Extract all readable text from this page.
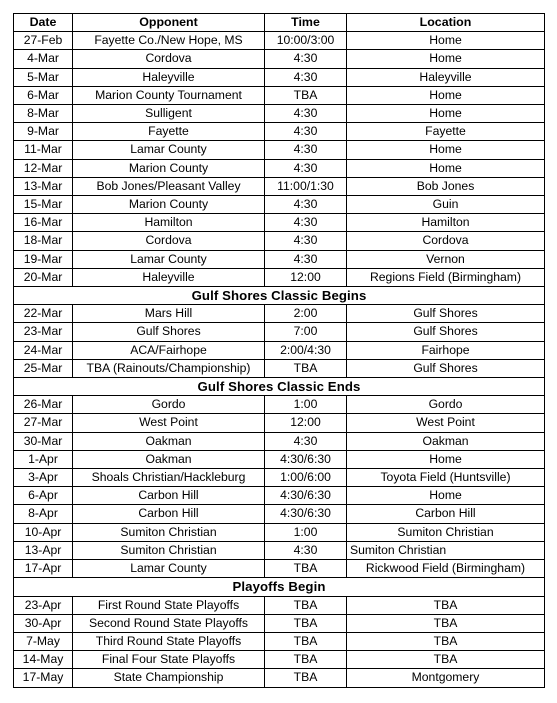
Date	Opponent	Time	Location
27-Feb	Fayette Co./New Hope, MS	10:00/3:00	Home
4-Mar	Cordova	4:30	Home
5-Mar	Haleyville	4:30	Haleyville
6-Mar	Marion County Tournament	TBA	Home
8-Mar	Sulligent	4:30	Home
9-Mar	Fayette	4:30	Fayette
11-Mar	Lamar County	4:30	Home
12-Mar	Marion County	4:30	Home
13-Mar	Bob Jones/Pleasant Valley	11:00/1:30	Bob Jones
15-Mar	Marion County	4:30	Guin
16-Mar	Hamilton	4:30	Hamilton
18-Mar	Cordova	4:30	Cordova
19-Mar	Lamar County	4:30	Vernon
20-Mar	Haleyville	12:00	Regions Field (Birmingham)
Gulf Shores Classic Begins			
22-Mar	Mars Hill	2:00	Gulf Shores
23-Mar	Gulf Shores	7:00	Gulf Shores
24-Mar	ACA/Fairhope	2:00/4:30	Fairhope
25-Mar	TBA (Rainouts/Championship)	TBA	Gulf Shores
Gulf Shores Classic Ends			
26-Mar	Gordo	1:00	Gordo
27-Mar	West Point	12:00	West Point
30-Mar	Oakman	4:30	Oakman
1-Apr	Oakman	4:30/6:30	Home
3-Apr	Shoals Christian/Hackleburg	1:00/6:00	Toyota Field (Huntsville)
6-Apr	Carbon Hill	4:30/6:30	Home
8-Apr	Carbon Hill	4:30/6:30	Carbon Hill
10-Apr	Sumiton Christian	1:00	Sumiton Christian
13-Apr	Sumiton Christian	4:30	Sumiton Christian
17-Apr	Lamar County	TBA	Rickwood Field (Birmingham)
Playoffs Begin			
23-Apr	First Round State Playoffs	TBA	TBA
30-Apr	Second Round State Playoffs	TBA	TBA
7-May	Third Round State Playoffs	TBA	TBA
14-May	Final Four State Playoffs	TBA	TBA
17-May	State Championship	TBA	Montgomery
